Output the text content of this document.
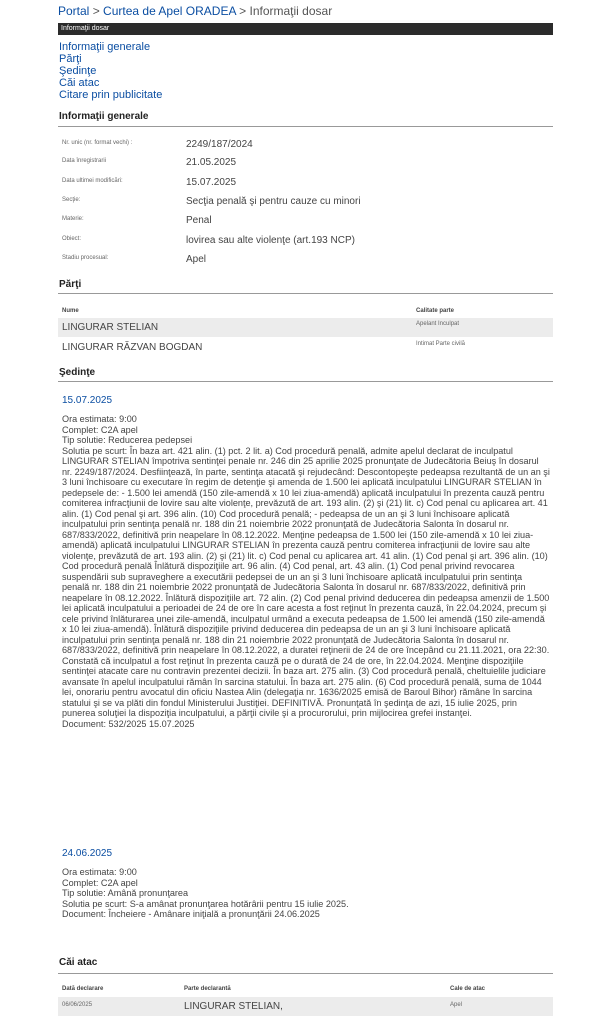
Portal > Curtea de Apel ORADEA > Informaţii dosar
Informaţii dosar
Informaţii generale
Părţi
Şedinţe
Căi atac
Citare prin publicitate
Informaţii generale
Nr. unic (nr. format vechi) :	2249/187/2024
Data înregistrarii	21.05.2025
Data ultimei modificări:	15.07.2025
Secţie:	Secţia penală şi pentru cauze cu minori
Materie:	Penal
Obiect:	lovirea sau alte violenţe (art.193 NCP)
Stadiu procesual:	Apel
Părţi
Nume	Calitate parte
LINGURAR STELIAN	Apelant Inculpat
LINGURAR RĂZVAN BOGDAN	Intimat Parte civilă
Şedinţe
15.07.2025
Ora estimata: 9:00
Complet: C2A apel
Tip solutie: Reducerea pedepsei
Solutia pe scurt: În baza art. 421 alin. (1) pct. 2 lit. a) Cod procedură penală, admite apelul declarat de inculpatul LINGURAR STELIAN împotriva sentinţei penale nr. 246 din 25 aprilie 2025 pronunţate de Judecătoria Beiuş în dosarul nr. 2249/187/2024. Desfiinţează, în parte, sentinţa atacată şi rejudecând: Descontopeşte pedeapsa rezultantă de un an şi 3 luni închisoare cu executare în regim de detenţie şi amenda de 1.500 lei aplicată inculpatului LINGURAR STELIAN în pedepsele de: - 1.500 lei amendă (150 zile-amendă x 10 lei ziua-amendă) aplicată inculpatului în prezenta cauză pentru comiterea infracţiunii de lovire sau alte violenţe, prevăzută de art. 193 alin. (2) şi (21) lit. c) Cod penal cu aplicarea art. 41 alin. (1) Cod penal şi art. 396 alin. (10) Cod procedură penală; - pedeapsa de un an şi 3 luni închisoare aplicată inculpatului prin sentinţa penală nr. 188 din 21 noiembrie 2022 pronunţată de Judecătoria Salonta în dosarul nr. 687/833/2022, definitivă prin neapelare în 08.12.2022. Menţine pedeapsa de 1.500 lei (150 zile-amendă x 10 lei ziua-amendă) aplicată inculpatului LINGURAR STELIAN în prezenta cauză pentru comiterea infracţiunii de lovire sau alte violenţe, prevăzută de art. 193 alin. (2) şi (21) lit. c) Cod penal cu aplicarea art. 41 alin. (1) Cod penal şi art. 396 alin. (10) Cod procedură penală Înlătură dispoziţiile art. 96 alin. (4) Cod penal, art. 43 alin. (1) Cod penal privind revocarea suspendării sub supraveghere a executării pedepsei de un an şi 3 luni închisoare aplicată inculpatului prin sentinţa penală nr. 188 din 21 noiembrie 2022 pronunţată de Judecătoria Salonta în dosarul nr. 687/833/2022, definitivă prin neapelare în 08.12.2022. Înlătură dispoziţiile art. 72 alin. (2) Cod penal privind deducerea din pedeapsa amenzii de 1.500 lei aplicată inculpatului a perioadei de 24 de ore în care acesta a fost reţinut în prezenta cauză, în 22.04.2024, precum şi cele privind înlăturarea unei zile-amendă, inculpatul urmând a executa pedeapsa de 1.500 lei amendă (150 zile-amendă x 10 lei ziua-amendă). Înlătură dispoziţiile privind deducerea din pedeapsa de un an şi 3 luni închisoare aplicată inculpatului prin sentinţa penală nr. 188 din 21 noiembrie 2022 pronunţată de Judecătoria Salonta în dosarul nr. 687/833/2022, definitivă prin neapelare în 08.12.2022, a duratei reţinerii de 24 de ore începând cu 21.11.2021, ora 22:30. Constată că inculpatul a fost reţinut în prezenta cauză pe o durată de 24 de ore, în 22.04.2024. Menţine dispoziţiile sentinţei atacate care nu contravin prezentei decizii. În baza art. 275 alin. (3) Cod procedură penală, cheltuielile judiciare avansate în apelul inculpatului rămân în sarcina statului. În baza art. 275 alin. (6) Cod procedură penală, suma de 1044 lei, onorariu pentru avocatul din oficiu Nastea Alin (delegaţia nr. 1636/2025 emisă de Baroul Bihor) rămâne în sarcina statului şi se va plăti din fondul Ministerului Justiţiei. DEFINITIVĂ. Pronunţată în şedinţa de azi, 15 iulie 2025, prin punerea soluţiei la dispoziţia inculpatului, a părţii civile şi a procurorului, prin mijlocirea grefei instanţei.
Document: 532/2025 15.07.2025
24.06.2025
Ora estimata: 9:00
Complet: C2A apel
Tip solutie: Amână pronunţarea
Solutia pe scurt: S-a amânat pronunţarea hotărârii pentru 15 iulie 2025.
Document: Încheiere - Amânare iniţială a pronunţării 24.06.2025
Căi atac
Dată declarare	Parte declarantă	Cale de atac
06/06/2025	LINGURAR STELIAN,	Apel
